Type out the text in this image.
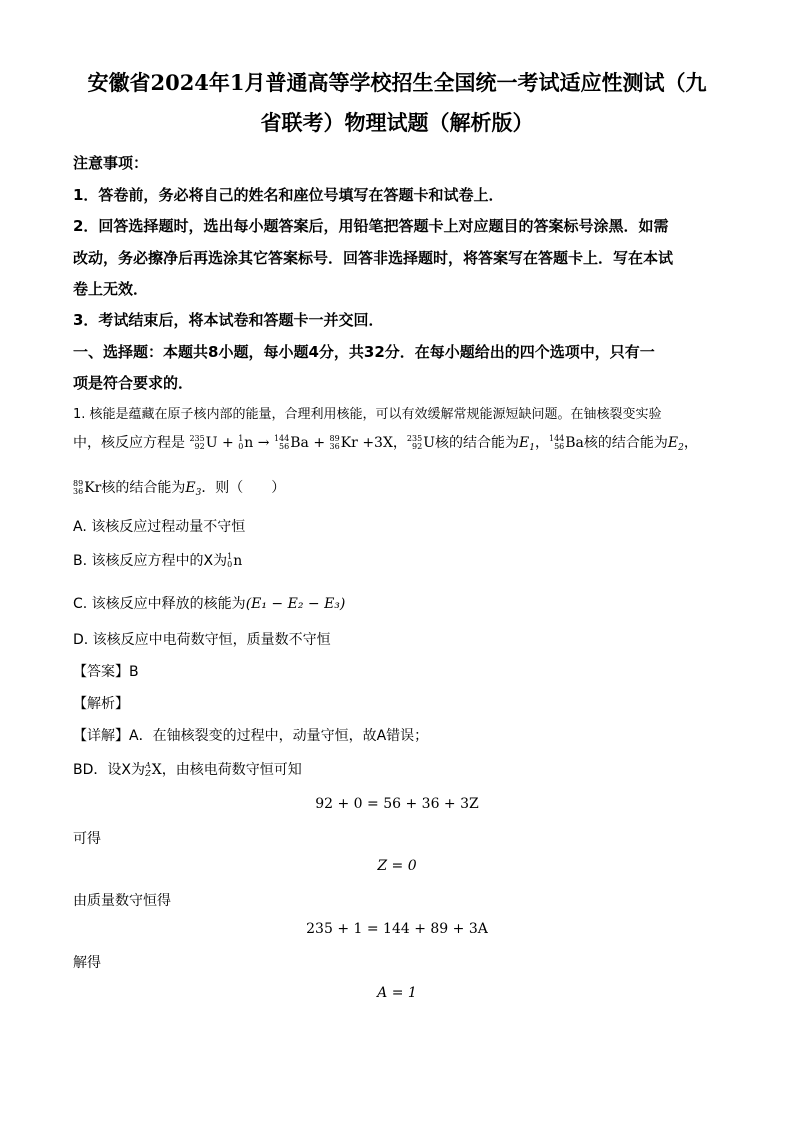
安徽省2024年1月普通高等学校招生全国统一考试适应性测试（九
省联考）物理试题（解析版）
注意事项：
1．答卷前，务必将自己的姓名和座位号填写在答题卡和试卷上．
2．回答选择题时，选出每小题答案后，用铅笔把答题卡上对应题目的答案标号涂黑．如需
改动，务必擦净后再选涂其它答案标号．回答非选择题时，将答案写在答题卡上．写在本试
卷上无效．
3．考试结束后，将本试卷和答题卡一并交回．
一、选择题：本题共8小题，每小题4分，共32分．在每小题给出的四个选项中，只有一
项是符合要求的．
1. 核能是蕴藏在原子核内部的能量，合理利用核能，可以有效缓解常规能源短缺问题。在铀核裂变实验
中，核反应方程是 235
92 U + 1
0 n → 144
56 Ba + 89
36 Kr +3X， 235
92 U 核的结合能为$E_1$， 144
56 Ba 核的结合能为$E_2$，
89
36 Kr 核的结合能为$E_3$．则（　　）
A. 该核反应过程动量不守恒
B. 该核反应方程中的X为 1
0 n
C. 该核反应中释放的核能为(E₁ − E₂ − E₃)
D. 该核反应中电荷数守恒，质量数不守恒
【答案】B
【解析】
【详解】A．在铀核裂变的过程中，动量守恒，故A错误；
BD．设X为 A
Z X ，由核电荷数守恒可知
92 + 0 = 56 + 36 + 3Z
可得
Z = 0
由质量数守恒得
235 + 1 = 144 + 89 + 3A
解得
A = 1
